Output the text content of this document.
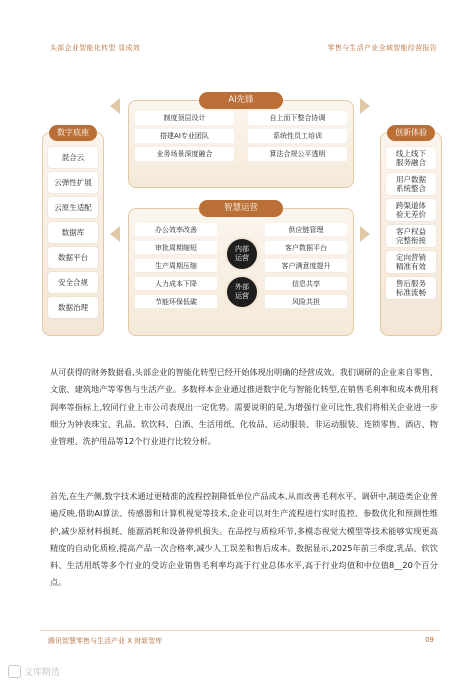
头部企业智能化转型 显成效	零售与生活产业全域智能经营报告
数字底座
混合云
云弹性扩展
云原生适配
数据库
数据平台
安全合规
数据治理
创新体验
线上线下
服务融合
用户数据
系统整合
跨渠道体
验无差价
客户权益
完整衔接
定向营销
精准有效
售后服务
标准流畅
AI先锋
制度顶层设计	自上而下整合协调
搭建AI专业团队	系统性员工培训
业务场景深度融合	算法合规公平透明
智慧运营
办公效率改善
审批周期缩短
生产周期压缩
人力成本下降
节能环保低碳
内部
运营
外部
运营
供应链管理
客户数据平台
客户满意度提升
信息共享
风险共担

从可获得的财务数据看,头部企业的智能化转型已经开始体现出明确的经营成效。我们调研的企业来自零售、文旅、建筑地产等零售与生活产业。多数样本企业通过推进数字化与智能化转型,在销售毛利率和成本费用利润率等指标上,较同行业上市公司表现出一定优势。需要说明的是,为增强行业可比性,我们将相关企业进一步细分为钟表珠宝、乳品、软饮料、白酒、生活用纸、化妆品、运动服装、非运动服装、连锁零售、酒店、物业管理、洗护用品等12个行业进行比较分析。

首先,在生产侧,数字技术通过更精准的流程控制降低单位产品成本,从而改善毛利水平。调研中,制造类企业普遍反映,借助AI算法、传感器和计算机视觉等技术,企业可以对生产流程进行实时监控、参数优化和预测性维护,减少原材料损耗、能源消耗和设备停机损失。在品控与质检环节,多模态视觉大模型等技术能够实现更高精度的自动化质检,提高产品一次合格率,减少人工误差和售后成本。数据显示,2025年前三季度,乳品、软饮料、生活用纸等多个行业的受访企业销售毛利率均高于行业总体水平,高于行业均值和中位值8__20个百分点。

腾讯智慧零售与生活产业 X 财新智库	09
文库精选
